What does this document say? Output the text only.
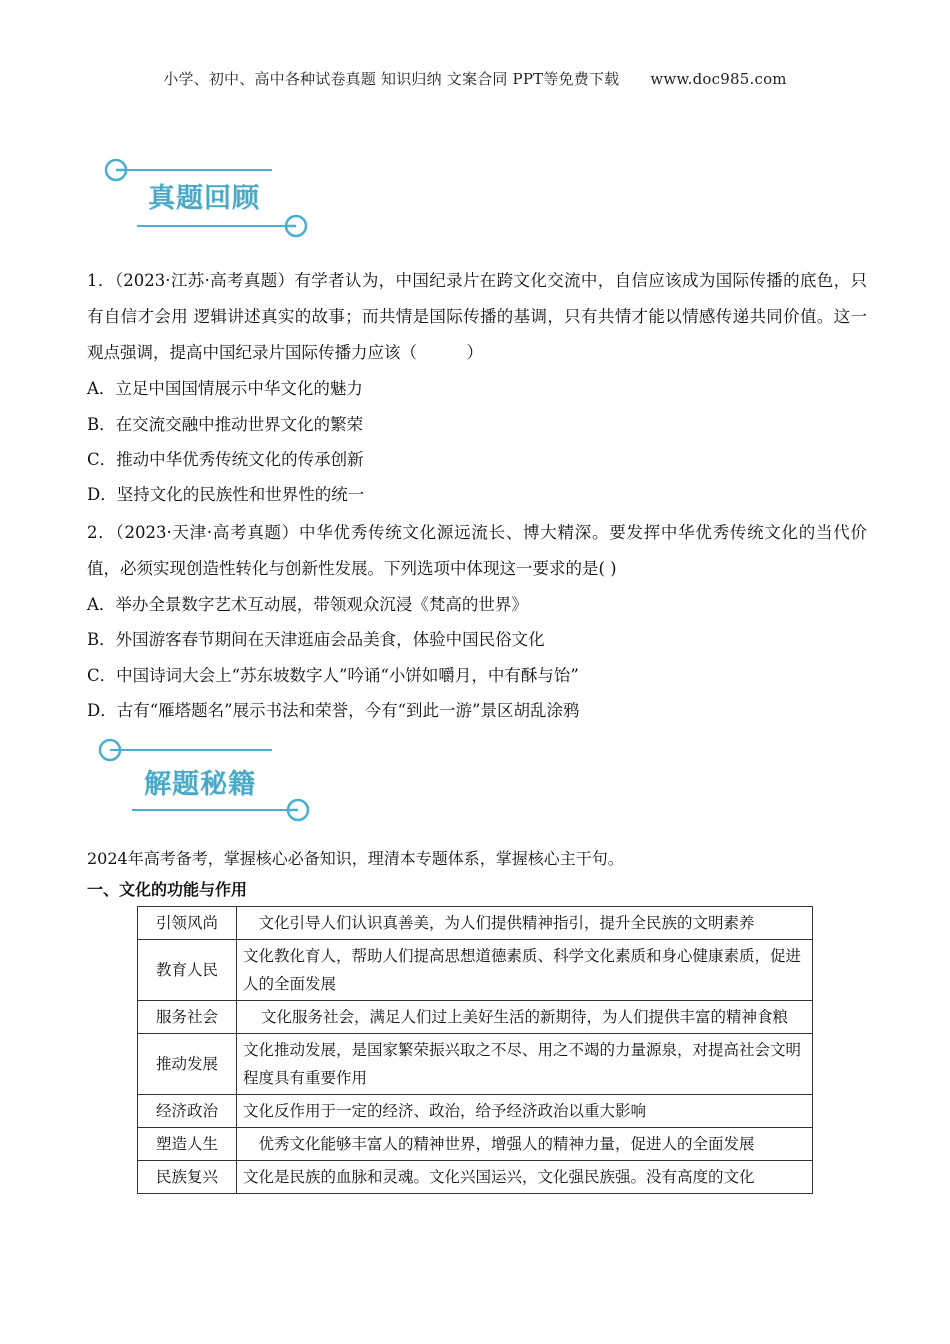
小学、初中、高中各种试卷真题 知识归纳 文案合同 PPT等免费下载 www.doc985.com
真题回顾

1．（2023·江苏·高考真题）有学者认为，中国纪录片在跨文化交流中，自信应该成为国际传播的底色，只有自信才会用 逻辑讲述真实的故事；而共情是国际传播的基调，只有共情才能以情感传递共同价值。这一观点强调，提高中国纪录片国际传播力应该（　　　）

A．立足中国国情展示中华文化的魅力
B．在交流交融中推动世界文化的繁荣
C．推动中华优秀传统文化的传承创新
D．坚持文化的民族性和世界性的统一

2．（2023·天津·高考真题）中华优秀传统文化源远流长、博大精深。要发挥中华优秀传统文化的当代价值，必须实现创造性转化与创新性发展。下列选项中体现这一要求的是( )

A．举办全景数字艺术互动展，带领观众沉浸《梵高的世界》
B．外国游客春节期间在天津逛庙会品美食，体验中国民俗文化
C．中国诗词大会上“苏东坡数字人”吟诵“小饼如嚼月，中有酥与饴”
D．古有“雁塔题名”展示书法和荣誉，今有“到此一游”景区胡乱涂鸦
解题秘籍
2024年高考备考，掌握核心必备知识，理清本专题体系，掌握核心主干句。
一、文化的功能与作用
引领风尚	　文化引导人们认识真善美，为人们提供精神指引，提升全民族的文明素养
教育人民	文化教化育人，帮助人们提高思想道德素质、科学文化素质和身心健康素质，促进人的全面发展
服务社会	文化服务社会，满足人们过上美好生活的新期待，为人们提供丰富的精神食粮
推动发展	文化推动发展，是国家繁荣振兴取之不尽、用之不竭的力量源泉，对提高社会文明程度具有重要作用
经济政治	文化反作用于一定的经济、政治，给予经济政治以重大影响
塑造人生	　优秀文化能够丰富人的精神世界，增强人的精神力量，促进人的全面发展
民族复兴	文化是民族的血脉和灵魂。文化兴国运兴，文化强民族强。没有高度的文化
